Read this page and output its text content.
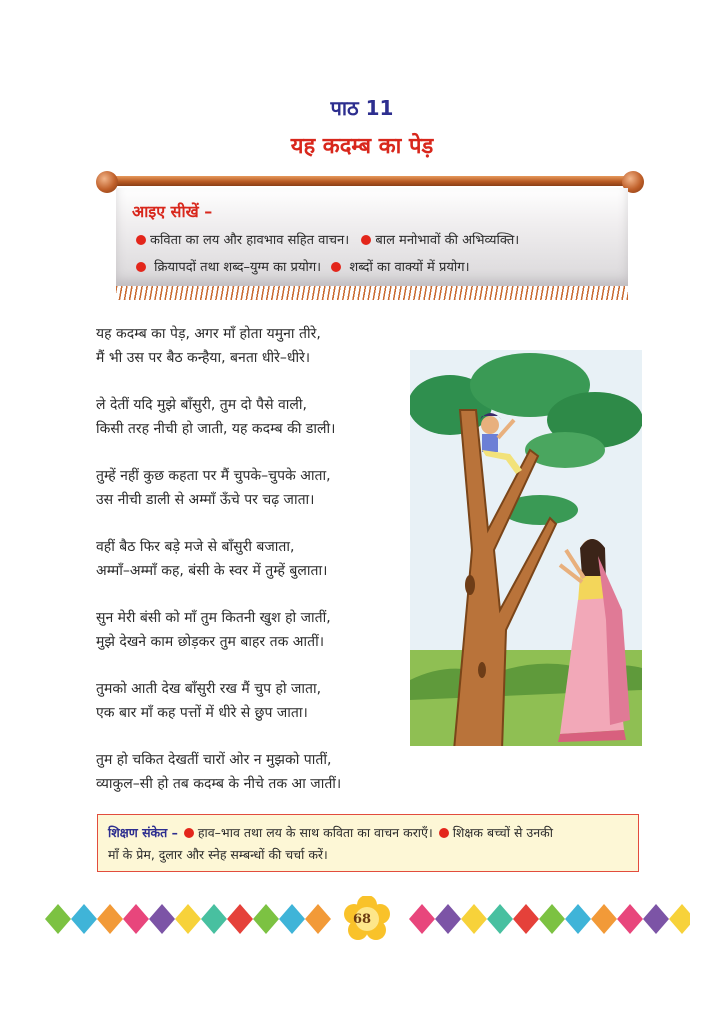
पाठ 11
यह कदम्ब का पेड़
आइए सीखें –
कविता का लय और हावभाव सहित वाचन। बाल मनोभावों की अभिव्यक्ति।
क्रियापदों तथा शब्द–युग्म का प्रयोग। शब्दों का वाक्यों में प्रयोग।
यह कदम्ब का पेड़, अगर माँ होता यमुना तीरे,
मैं भी उस पर बैठ कन्हैया, बनता धीरे–धीरे।
ले देतीं यदि मुझे बाँसुरी, तुम दो पैसे वाली,
किसी तरह नीची हो जाती, यह कदम्ब की डाली।
तुम्हें नहीं कुछ कहता पर मैं चुपके–चुपके आता,
उस नीची डाली से अम्माँ ऊँचे पर चढ़ जाता।
वहीं बैठ फिर बड़े मजे से बाँसुरी बजाता,
अम्माँ–अम्माँ कह, बंसी के स्वर में तुम्हें बुलाता।
सुन मेरी बंसी को माँ तुम कितनी खुश हो जातीं,
मुझे देखने काम छोड़कर तुम बाहर तक आतीं।
तुमको आती देख बाँसुरी रख मैं चुप हो जाता,
एक बार माँ कह पत्तों में धीरे से छुप जाता।
तुम हो चकित देखतीं चारों ओर न मुझको पातीं,
व्याकुल–सी हो तब कदम्ब के नीचे तक आ जातीं।
शिक्षण संकेत – हाव–भाव तथा लय के साथ कविता का वाचन कराएँ। शिक्षक बच्चों से उनकी
माँ के प्रेम, दुलार और स्नेह सम्बन्धों की चर्चा करें।
68
